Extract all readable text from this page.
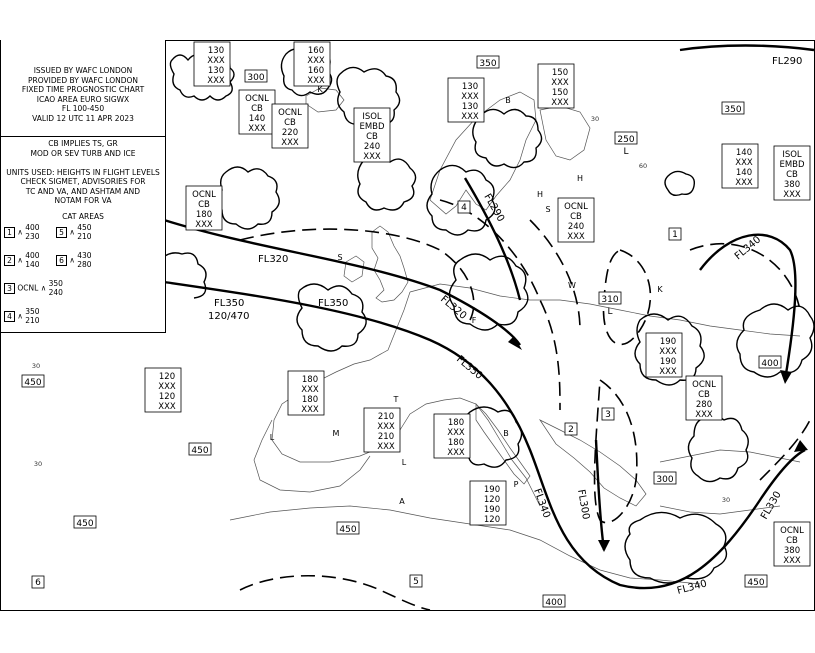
FL290
FL320
FL350	FL350
120/470	FL320
FL290
FL350
FL340
FL340
FL300	FL330
FL340
130
XXX
130
XXX
160
XXX
160
XXX
OCNL
CB
140
XXX
OCNL
CB
220
XXX
ISOL
EMBD
CB
240
XXX
130
XXX
130
XXX
150
XXX
150
XXX
OCNL
CB
180
XXX
OCNL
CB
240
XXX
140
XXX
140
XXX
ISOL
EMBD
CB
380
XXX
190
XXX
190
XXX
OCNL
CB
280
XXX
120
XXX
120
XXX
180
XXX
180
XXX
210
XXX
210
XXX
180
XXX
180
XXX
190
120
190
120
OCNL
CB
380
XXX
300
350
350
250
310
400
450
450
450
450
300
400
450
L
L
1
2
3
4
5
6
H
L
L
H
W	K
P
A
M
B
K
T
F
B
S
S
30
60
30
30
30
ISSUED BY WAFC LONDON
PROVIDED BY WAFC LONDON
FIXED TIME PROGNOSTIC CHART
ICAO AREA EURO SIGWX
FL 100-450
VALID 12 UTC 11 APR 2023
CB IMPLIES TS, GR
MOD OR SEV TURB AND ICE

UNITS USED: HEIGHTS IN FLIGHT LEVELS
CHECK SIGMET, ADVISORIES FOR
TC AND VA, AND ASHTAM AND
NOTAM FOR VA
CAT AREAS
1 ∧ 400
230
2 ∧ 400
140
3 OCNL ∧ 350
240
4 ∧ 350
210
5 ∧ 450
210
6 ∧ 430
280
